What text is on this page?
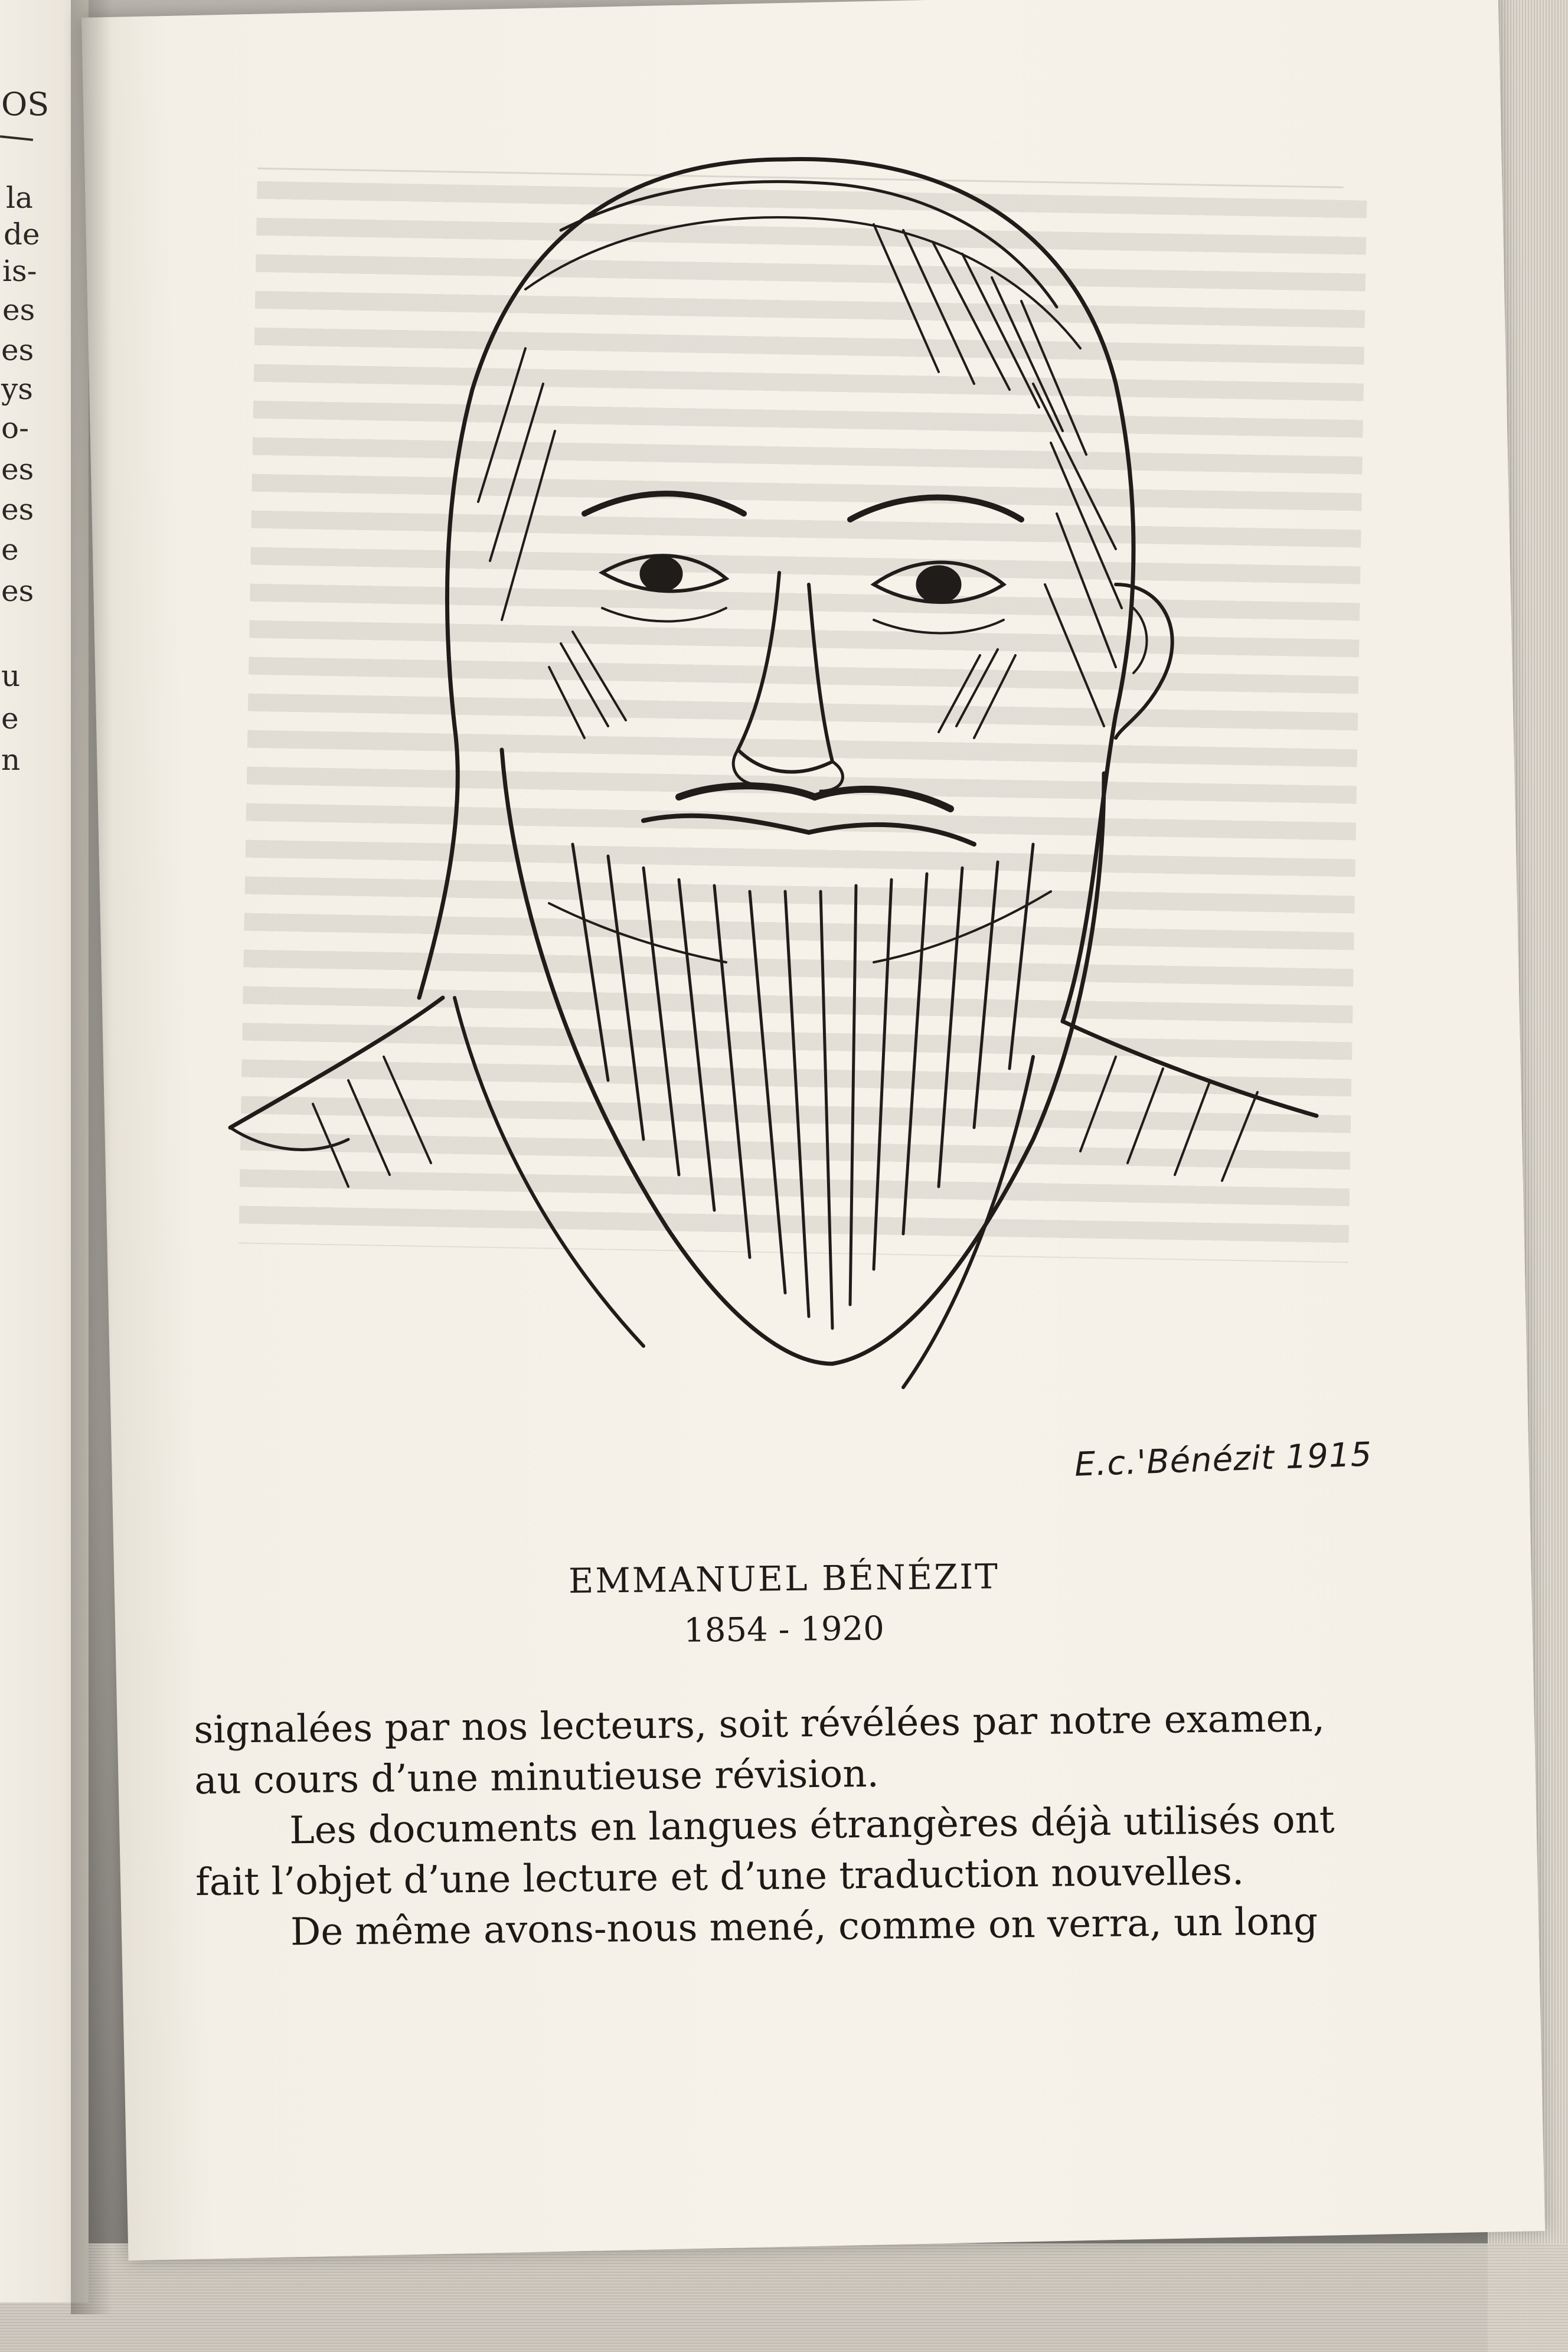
OS
la
de
is-
es
es
ys
o-
es
es
e
es
u
e
n
E.c.'Bénézit 1915
EMMANUEL BÉNÉZIT
1854 - 1920
signalées par nos lecteurs, soit révélées par notre examen,
au cours d’une minutieuse révision.
Les documents en langues étrangères déjà utilisés ont
fait l’objet d’une lecture et d’une traduction nouvelles.
De même avons-nous mené, comme on verra, un long
